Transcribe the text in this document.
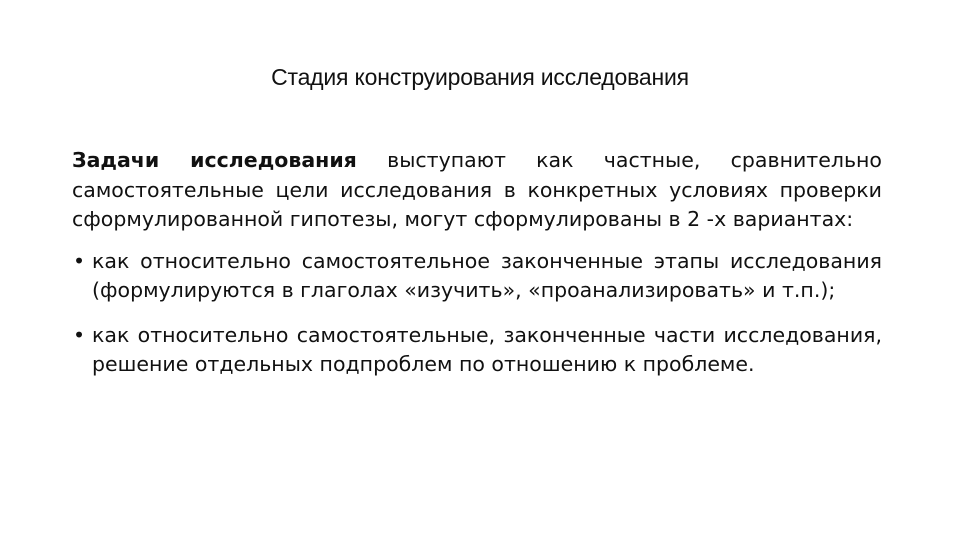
Стадия конструирования исследования

Задачи исследования выступают как частные, сравнительно самостоятельные цели исследования в конкретных условиях проверки сформулированной гипотезы, могут сформулированы в 2 -х вариантах:

• как относительно самостоятельное законченные этапы исследования (формулируются в глаголах «изучить», «проанализировать» и т.п.);
• как относительно самостоятельные, законченные части исследования, решение отдельных подпроблем по отношению к проблеме.
